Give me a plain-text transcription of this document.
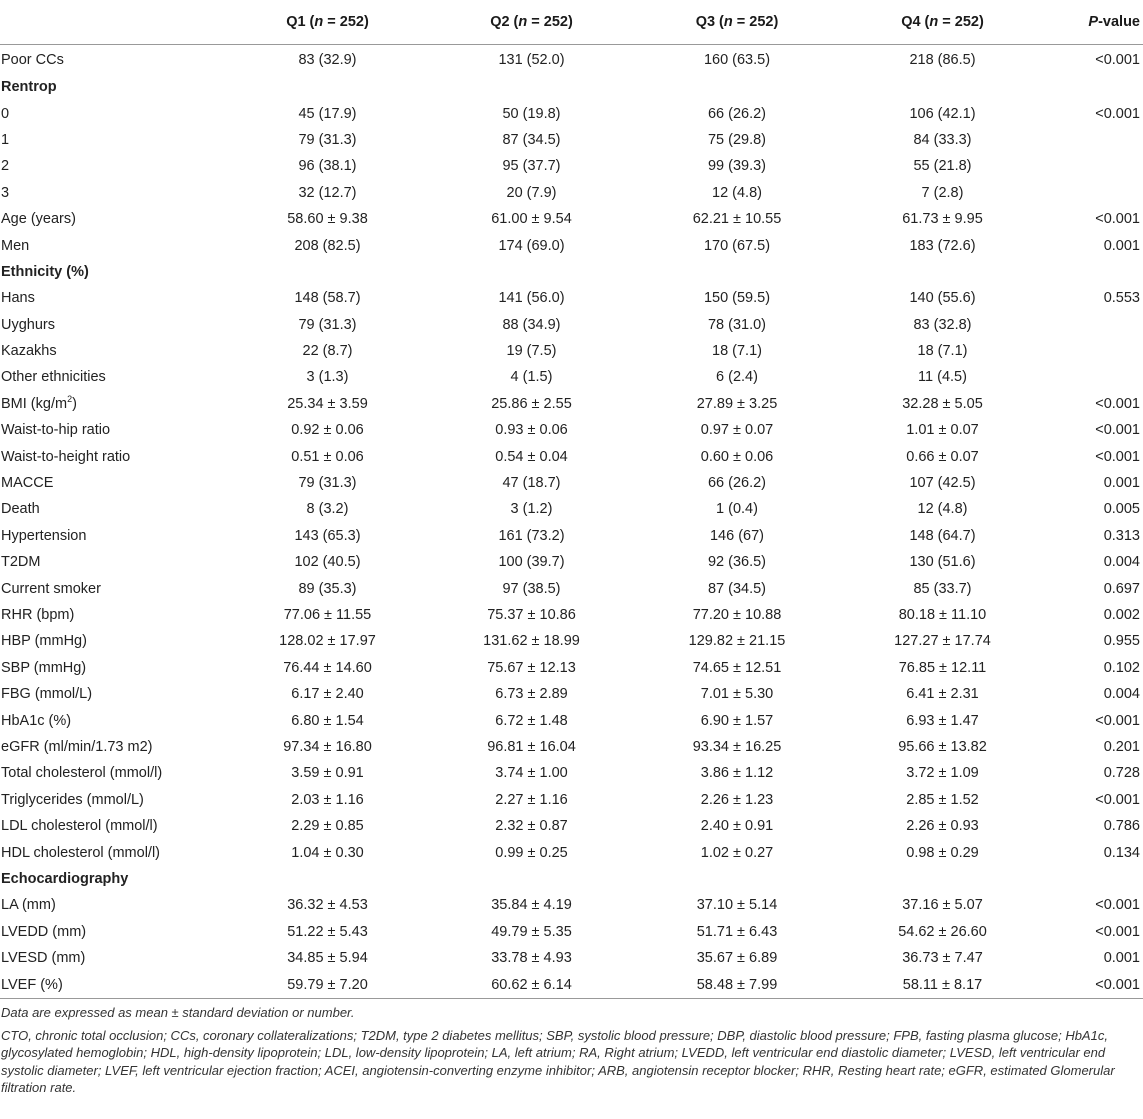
	Q1 (n = 252)	Q2 (n = 252)	Q3 (n = 252)	Q4 (n = 252)	P-value
Poor CCs	83 (32.9)	131 (52.0)	160 (63.5)	218 (86.5)	<0.001
Rentrop					
0	45 (17.9)	50 (19.8)	66 (26.2)	106 (42.1)	<0.001
1	79 (31.3)	87 (34.5)	75 (29.8)	84 (33.3)	
2	96 (38.1)	95 (37.7)	99 (39.3)	55 (21.8)	
3	32 (12.7)	20 (7.9)	12 (4.8)	7 (2.8)	
Age (years)	58.60 ± 9.38	61.00 ± 9.54	62.21 ± 10.55	61.73 ± 9.95	<0.001
Men	208 (82.5)	174 (69.0)	170 (67.5)	183 (72.6)	0.001
Ethnicity (%)					
Hans	148 (58.7)	141 (56.0)	150 (59.5)	140 (55.6)	0.553
Uyghurs	79 (31.3)	88 (34.9)	78 (31.0)	83 (32.8)	
Kazakhs	22 (8.7)	19 (7.5)	18 (7.1)	18 (7.1)	
Other ethnicities	3 (1.3)	4 (1.5)	6 (2.4)	11 (4.5)	
BMI $(kg/m^2)$	25.34 ± 3.59	25.86 ± 2.55	27.89 ± 3.25	32.28 ± 5.05	<0.001
Waist-to-hip ratio	0.92 ± 0.06	0.93 ± 0.06	0.97 ± 0.07	1.01 ± 0.07	<0.001
Waist-to-height ratio	0.51 ± 0.06	0.54 ± 0.04	0.60 ± 0.06	0.66 ± 0.07	<0.001
MACCE	79 (31.3)	47 (18.7)	66 (26.2)	107 (42.5)	0.001
Death	8 (3.2)	3 (1.2)	1 (0.4)	12 (4.8)	0.005
Hypertension	143 (65.3)	161 (73.2)	146 (67)	148 (64.7)	0.313
T2DM	102 (40.5)	100 (39.7)	92 (36.5)	130 (51.6)	0.004
Current smoker	89 (35.3)	97 (38.5)	87 (34.5)	85 (33.7)	0.697
RHR (bpm)	77.06 ± 11.55	75.37 ± 10.86	77.20 ± 10.88	80.18 ± 11.10	0.002
HBP (mmHg)	128.02 ± 17.97	131.62 ± 18.99	129.82 ± 21.15	127.27 ± 17.74	0.955
SBP (mmHg)	76.44 ± 14.60	75.67 ± 12.13	74.65 ± 12.51	76.85 ± 12.11	0.102
FBG (mmol/L)	6.17 ± 2.40	6.73 ± 2.89	7.01 ± 5.30	6.41 ± 2.31	0.004
HbA1c (%)	6.80 ± 1.54	6.72 ± 1.48	6.90 ± 1.57	6.93 ± 1.47	<0.001
eGFR (ml/min/1.73 m2)	97.34 ± 16.80	96.81 ± 16.04	93.34 ± 16.25	95.66 ± 13.82	0.201
Total cholesterol (mmol/l)	3.59 ± 0.91	3.74 ± 1.00	3.86 ± 1.12	3.72 ± 1.09	0.728
Triglycerides (mmol/L)	2.03 ± 1.16	2.27 ± 1.16	2.26 ± 1.23	2.85 ± 1.52	<0.001
LDL cholesterol (mmol/l)	2.29 ± 0.85	2.32 ± 0.87	2.40 ± 0.91	2.26 ± 0.93	0.786
HDL cholesterol (mmol/l)	1.04 ± 0.30	0.99 ± 0.25	1.02 ± 0.27	0.98 ± 0.29	0.134
Echocardiography					
LA (mm)	36.32 ± 4.53	35.84 ± 4.19	37.10 ± 5.14	37.16 ± 5.07	<0.001
LVEDD (mm)	51.22 ± 5.43	49.79 ± 5.35	51.71 ± 6.43	54.62 ± 26.60	<0.001
LVESD (mm)	34.85 ± 5.94	33.78 ± 4.93	35.67 ± 6.89	36.73 ± 7.47	0.001
LVEF (%)	59.79 ± 7.20	60.62 ± 6.14	58.48 ± 7.99	58.11 ± 8.17	<0.001

Data are expressed as mean ± standard deviation or number.

CTO, chronic total occlusion; CCs, coronary collateralizations; T2DM, type 2 diabetes mellitus; SBP, systolic blood pressure; DBP, diastolic blood pressure; FPB, fasting plasma glucose; HbA1c, glycosylated hemoglobin; HDL, high-density lipoprotein; LDL, low-density lipoprotein; LA, left atrium; RA, Right atrium; LVEDD, left ventricular end diastolic diameter; LVESD, left ventricular end systolic diameter; LVEF, left ventricular ejection fraction; ACEI, angiotensin-converting enzyme inhibitor; ARB, angiotensin receptor blocker; RHR, Resting heart rate; eGFR, estimated Glomerular filtration rate.
